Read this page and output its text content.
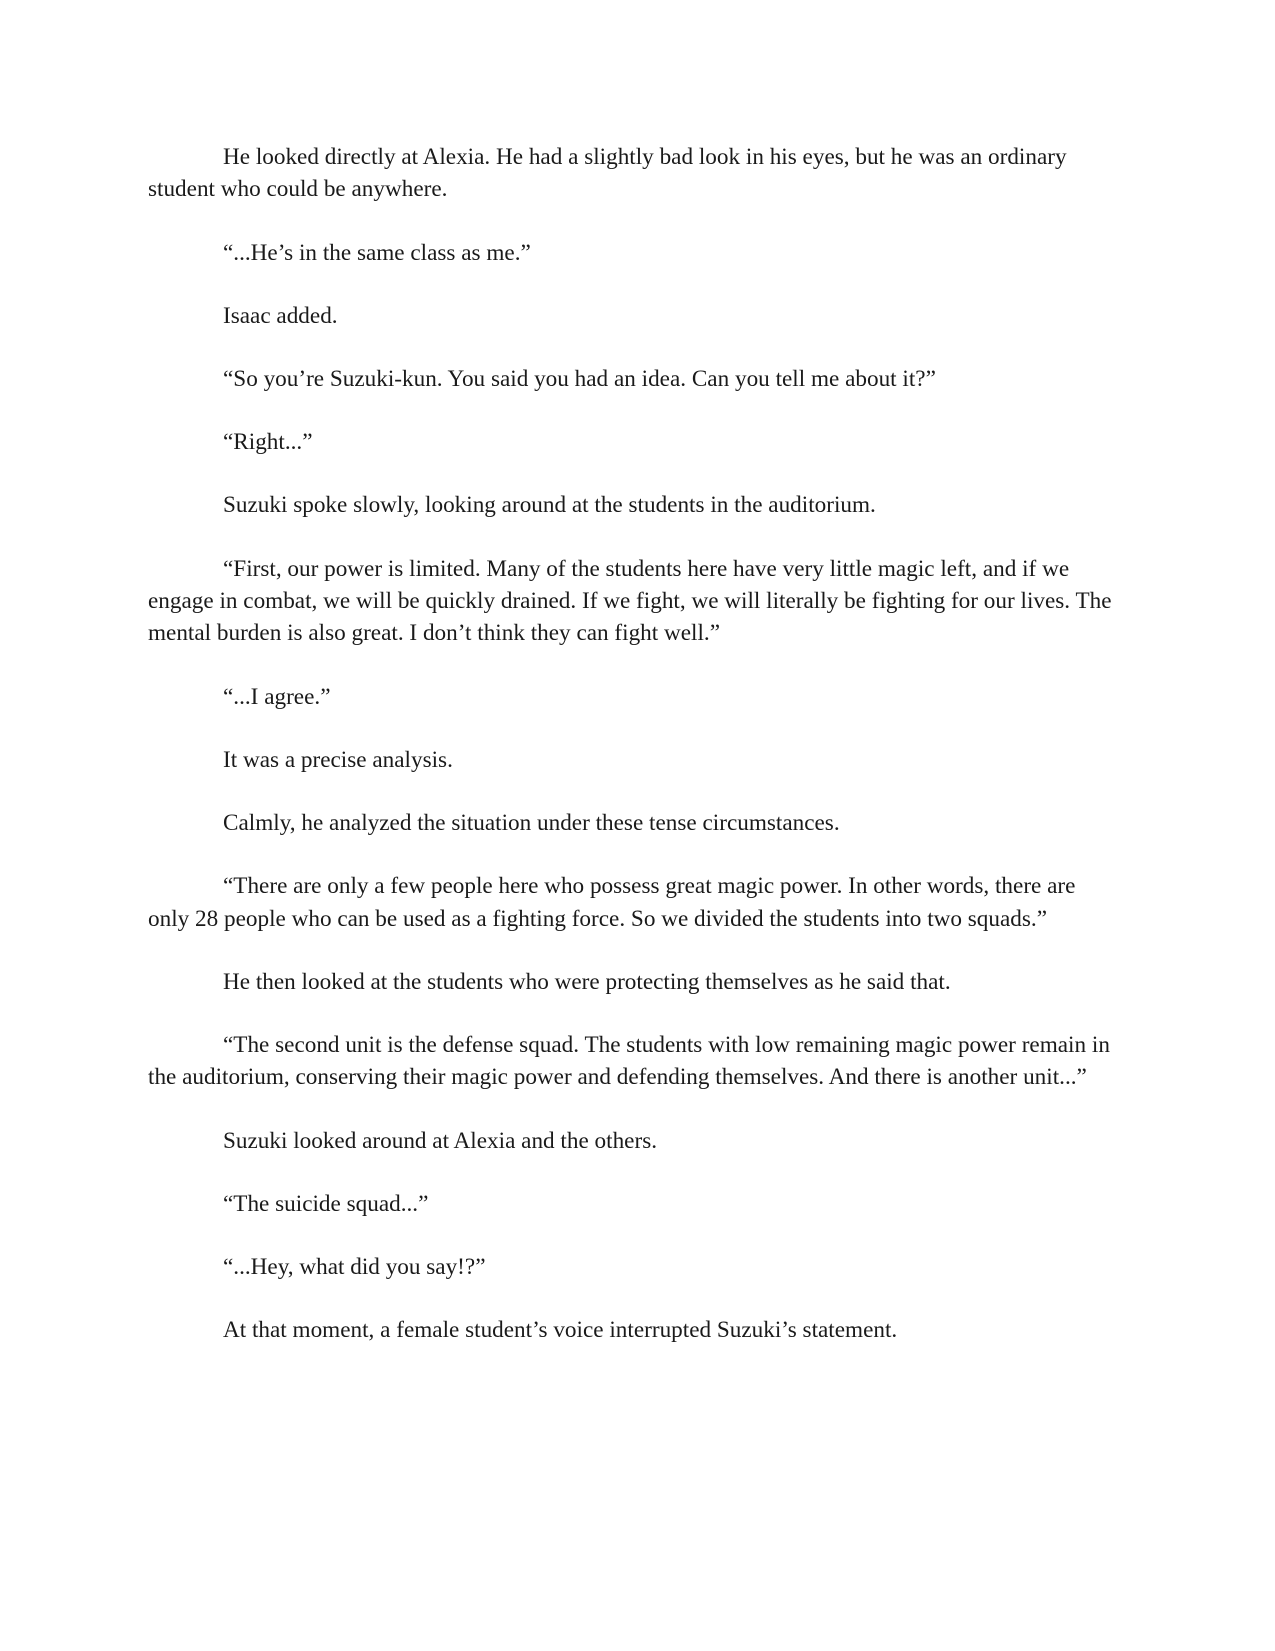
He looked directly at Alexia. He had a slightly bad look in his eyes, but he was an ordinary student who could be anywhere.

“...He’s in the same class as me.”

Isaac added.

“So you’re Suzuki-kun. You said you had an idea. Can you tell me about it?”

“Right...”

Suzuki spoke slowly, looking around at the students in the auditorium.

“First, our power is limited. Many of the students here have very little magic left, and if we engage in combat, we will be quickly drained. If we fight, we will literally be fighting for our lives. The mental burden is also great. I don’t think they can fight well.”

“...I agree.”

It was a precise analysis.

Calmly, he analyzed the situation under these tense circumstances.

“There are only a few people here who possess great magic power. In other words, there are only 28 people who can be used as a fighting force. So we divided the students into two squads.”

He then looked at the students who were protecting themselves as he said that.

“The second unit is the defense squad. The students with low remaining magic power remain in the auditorium, conserving their magic power and defending themselves. And there is another unit...”

Suzuki looked around at Alexia and the others.

“The suicide squad...”

“...Hey, what did you say!?”

At that moment, a female student’s voice interrupted Suzuki’s statement.
